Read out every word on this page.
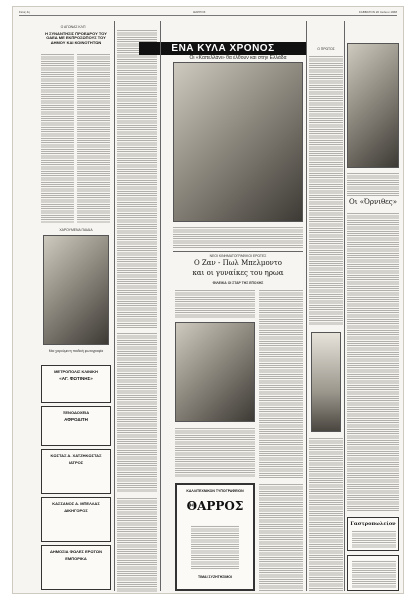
Σελίς 4η	ΘΑΡΡΟΣ	ΣΑΒΒΑΤΟΝ 20 Ιουλίου 1968
Ο ΑΓΩΝΑΣ ΚΛΠ
Η ΣΥΝΑΝΤΗΣΙΣ ΠΡΟΕΔΡΟΥ ΤΟΥ ΟΑΕΔ ΜΕ ΕΚΠΡΟΣΩΠΟΥΣ ΤΟΥ ΔΗΜΟΥ ΚΑΙ ΚΟΙΝΟΤΗΤΩΝ
ΧΑΡΟΥΜΕΝΑ ΠΑΙΔΙΑ
Μια χαρούμενη παιδική φωτογραφία
ΜΕΤΡΟΠΟΛΙΣ ΚΛΙΝΙΚΗ
«ΑΓ. ΦΩΤΙΝΗΣ»
ΞΕΝΟΔΟΧΕΙΑ
ΑΦΡΟΔΙΤΗ
ΚΩΣΤΑΣ Α. ΧΑΤΖΗΚΩΣΤΑΣ
ΙΑΤΡΟΣ
ΚΑΣΣΑΝΟΣ Α. ΜΠΕΛΛΑΣ
ΔΙΚΗΓΟΡΟΣ
ΔΗΜΟΣΙΑ ΦΩΛΕΣ ΕΡΩΤΩΝ
ΕΜΠΟΡΙΚΑ
ΕΝΑ ΚΥΛΑ ΧΡΟΝΟΣ
Οι «Καπελλάνι» θα έλθουν και στην Ελλάδα
ΝΕΟΙ ΚΙΝΗΜΑΤΟΓΡΑΦΙΚΟΙ ΕΡΩΤΕΣ
Ο Ζαν - Πωλ Μπελμοντο
και οι γυναίκες του ηρωα
ΦΙΛΕΙΚΑ ΟΙ ΣΤΑΡ ΤΗΣ ΕΠΟΧΗΣ
ΚΑΛΛΙΤΕΧΝΙΚΟΝ ΤΥΠΟΓΡΑΦΕΙΟΝ
ΘΑΡΡΟΣ
ΤΙΜΑΙ ΣΥΖΗΤΗΣΙΜΟΙ
Ο ΠΡΩΤΟΣ
Οι «Όρνιθες»
Γαστροπωλείον
